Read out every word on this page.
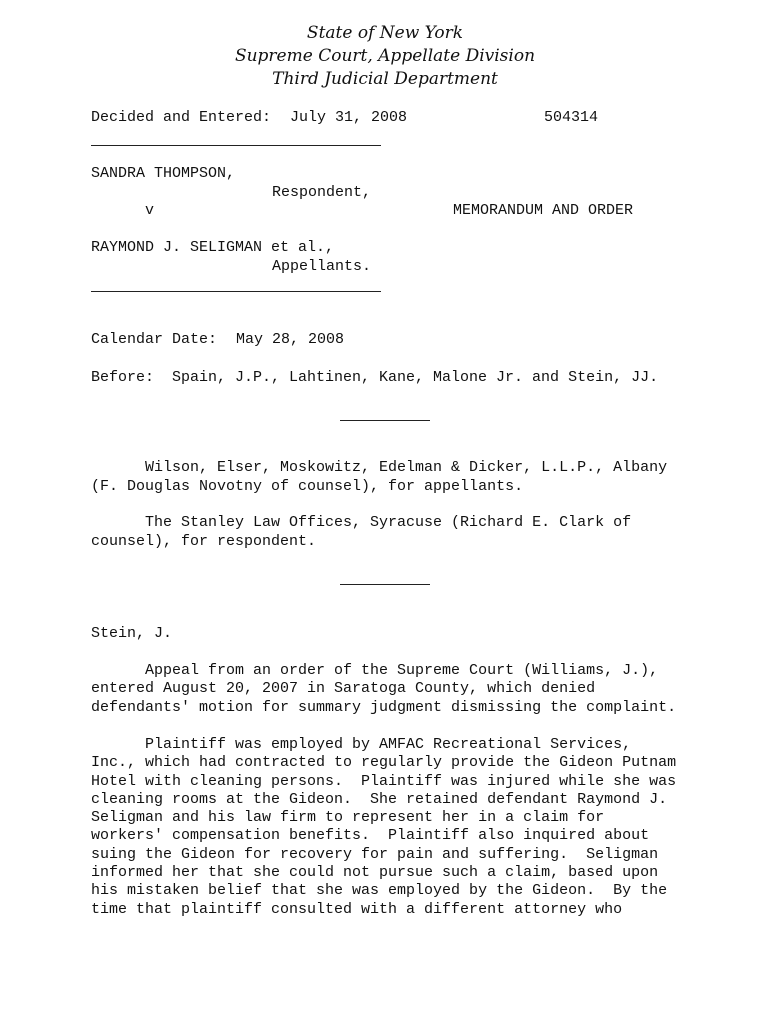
State of New York
Supreme Court, Appellate Division
Third Judicial Department
Decided and Entered: July 31, 2008	504314
SANDRA THOMPSON,
Respondent,
v	MEMORANDUM AND ORDER
RAYMOND J. SELIGMAN et al.,
Appellants.
Calendar Date: May 28, 2008
Before: Spain, J.P., Lahtinen, Kane, Malone Jr. and Stein, JJ.
Wilson, Elser, Moskowitz, Edelman & Dicker, L.L.P., Albany
(F. Douglas Novotny of counsel), for appellants.
The Stanley Law Offices, Syracuse (Richard E. Clark of
counsel), for respondent.
Stein, J.
Appeal from an order of the Supreme Court (Williams, J.),
entered August 20, 2007 in Saratoga County, which denied
defendants' motion for summary judgment dismissing the complaint.
Plaintiff was employed by AMFAC Recreational Services,
Inc., which had contracted to regularly provide the Gideon Putnam
Hotel with cleaning persons.  Plaintiff was injured while she was
cleaning rooms at the Gideon.  She retained defendant Raymond J.
Seligman and his law firm to represent her in a claim for
workers' compensation benefits.  Plaintiff also inquired about
suing the Gideon for recovery for pain and suffering.  Seligman
informed her that she could not pursue such a claim, based upon
his mistaken belief that she was employed by the Gideon.  By the
time that plaintiff consulted with a different attorney who
